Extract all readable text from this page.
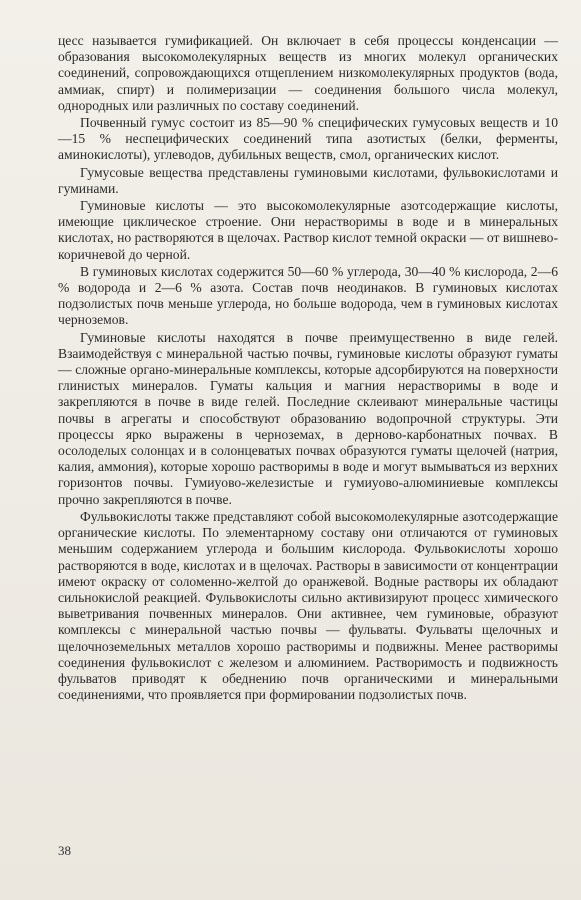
цесс называется гумификацией. Он включает в себя процессы конденсации — образования высокомолекулярных веществ из многих молекул органических соединений, сопровождающихся отщеплением низкомолекулярных продуктов (вода, аммиак, спирт) и полимеризации — соединения большого числа молекул, однородных или различных по составу соединений.

Почвенный гумус состоит из 85—90 % специфических гумусовых веществ и 10—15 % неспецифических соединений типа азотистых (белки, ферменты, аминокислоты), углеводов, дубильных веществ, смол, органических кислот.

Гумусовые вещества представлены гуминовыми кислотами, фульвокислотами и гуминами.

Гуминовые кислоты — это высокомолекулярные азотсодержащие кислоты, имеющие циклическое строение. Они нерастворимы в воде и в минеральных кислотах, но растворяются в щелочах. Раствор кислот темной окраски — от вишнево-коричневой до черной.

В гуминовых кислотах содержится 50—60 % углерода, 30—40 % кислорода, 2—6 % водорода и 2—6 % азота. Состав почв неодинаков. В гуминовых кислотах подзолистых почв меньше углерода, но больше водорода, чем в гуминовых кислотах черноземов.

Гуминовые кислоты находятся в почве преимущественно в виде гелей. Взаимодействуя с минеральной частью почвы, гуминовые кислоты образуют гуматы — сложные органо-минеральные комплексы, которые адсорбируются на поверхности глинистых минералов. Гуматы кальция и магния нерастворимы в воде и закрепляются в почве в виде гелей. Последние склеивают минеральные частицы почвы в агрегаты и способствуют образованию водопрочной структуры. Эти процессы ярко выражены в черноземах, в дерново-карбонатных почвах. В осолоделых солонцах и в солонцеватых почвах образуются гуматы щелочей (натрия, калия, аммония), которые хорошо растворимы в воде и могут вымываться из верхних горизонтов почвы. Гумиyово-железистые и гумиyово-алюминиевые комплексы прочно закрепляются в почве.

Фульвокислоты также представляют собой высокомолекулярные азотсодержащие органические кислоты. По элементарному составу они отличаются от гуминовых меньшим содержанием углерода и большим кислорода. Фульвокислоты хорошо растворяются в воде, кислотах и в щелочах. Растворы в зависимости от концентрации имеют окраску от соломенно-желтой до оранжевой. Водные растворы их обладают сильнокислой реакцией. Фульвокислоты сильно активизируют процесс химического выветривания почвенных минералов. Они активнее, чем гуминовые, образуют комплексы с минеральной частью почвы — фульваты. Фульваты щелочных и щелочноземельных металлов хорошо растворимы и подвижны. Менее растворимы соединения фульвокислот с железом и алюминием. Растворимость и подвижность фульватов приводят к обеднению почв органическими и минеральными соединениями, что проявляется при формировании подзолистых почв.

38
